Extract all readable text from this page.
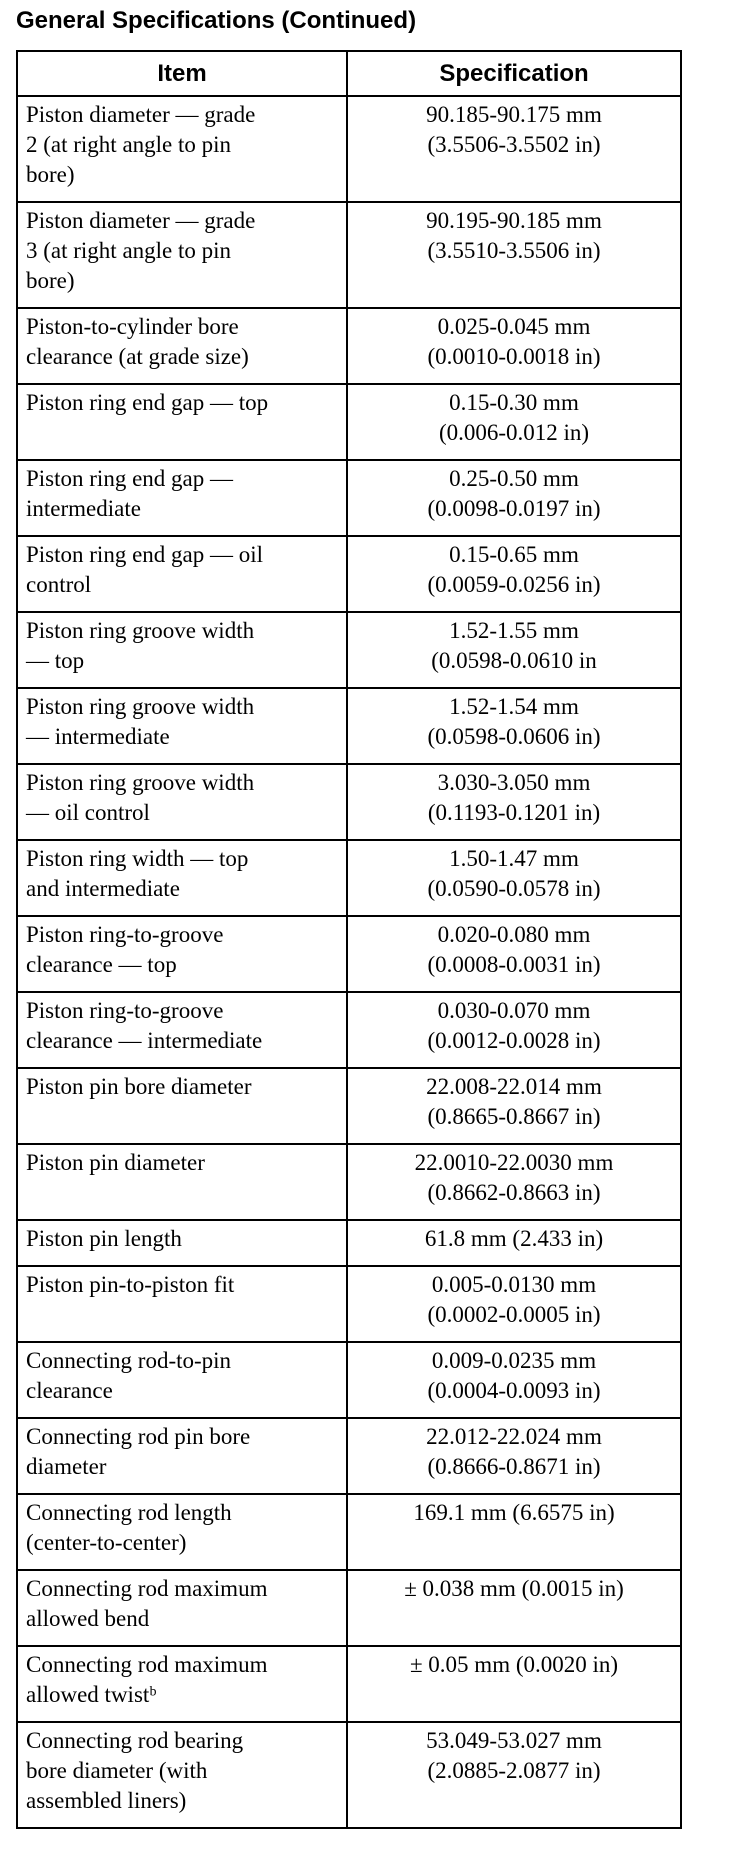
General Specifications (Continued)
Item	Specification

Piston diameter — grade
2 (at right angle to pin
bore)	90.185-90.175 mm
(3.5506-3.5502 in)

Piston diameter — grade
3 (at right angle to pin
bore)	90.195-90.185 mm
(3.5510-3.5506 in)

Piston-to-cylinder bore
clearance (at grade size)	0.025-0.045 mm
(0.0010-0.0018 in)

Piston ring end gap — top	0.15-0.30 mm
(0.006-0.012 in)

Piston ring end gap —
intermediate	0.25-0.50 mm
(0.0098-0.0197 in)

Piston ring end gap — oil
control	0.15-0.65 mm
(0.0059-0.0256 in)

Piston ring groove width
— top	1.52-1.55 mm
(0.0598-0.0610 in

Piston ring groove width
— intermediate	1.52-1.54 mm
(0.0598-0.0606 in)

Piston ring groove width
— oil control	3.030-3.050 mm
(0.1193-0.1201 in)

Piston ring width — top
and intermediate	1.50-1.47 mm
(0.0590-0.0578 in)

Piston ring-to-groove
clearance — top	0.020-0.080 mm
(0.0008-0.0031 in)

Piston ring-to-groove
clearance — intermediate	0.030-0.070 mm
(0.0012-0.0028 in)

Piston pin bore diameter	22.008-22.014 mm
(0.8665-0.8667 in)

Piston pin diameter	22.0010-22.0030 mm
(0.8662-0.8663 in)

Piston pin length	61.8 mm (2.433 in)

Piston pin-to-piston fit	0.005-0.0130 mm
(0.0002-0.0005 in)

Connecting rod-to-pin
clearance	0.009-0.0235 mm
(0.0004-0.0093 in)

Connecting rod pin bore
diameter	22.012-22.024 mm
(0.8666-0.8671 in)

Connecting rod length
(center-to-center)	169.1 mm (6.6575 in)

Connecting rod maximum
allowed bend	± 0.038 mm (0.0015 in)

Connecting rod maximum
allowed twistᵇ	± 0.05 mm (0.0020 in)

Connecting rod bearing
bore diameter (with
assembled liners)	53.049-53.027 mm
(2.0885-2.0877 in)
